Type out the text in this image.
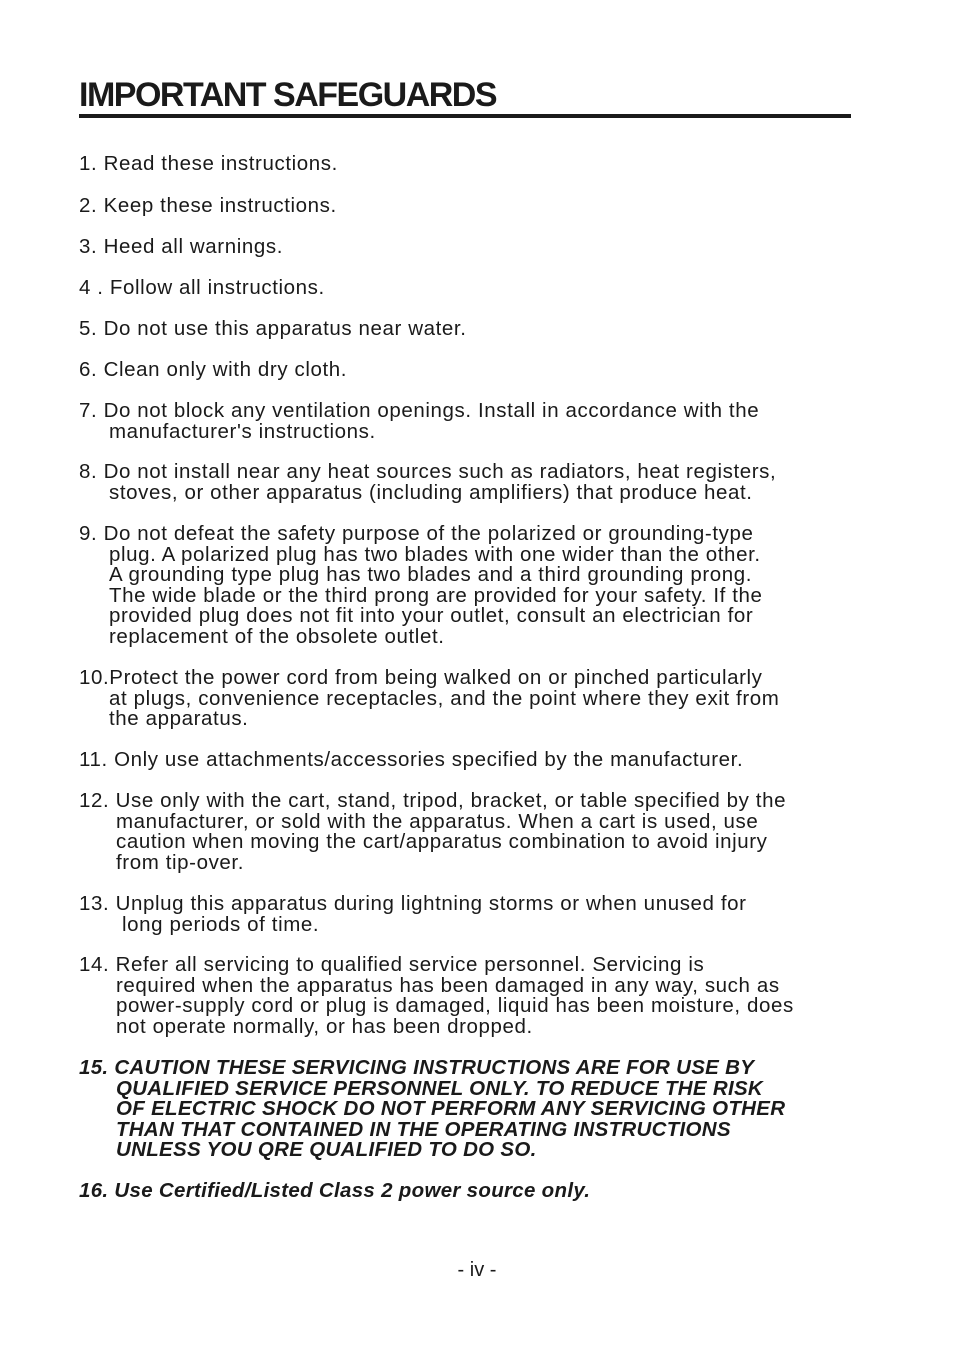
IMPORTANT SAFEGUARDS
1. Read these instructions.
2. Keep these instructions.
3. Heed all warnings.
4 . Follow all instructions.
5. Do not use this apparatus near water.
6. Clean only with dry cloth.
7. Do not block any ventilation openings. Install in accordance with the
manufacturer's instructions.
8. Do not install near any heat sources such as radiators, heat registers,
stoves, or other apparatus (including amplifiers) that produce heat.
9. Do not defeat the safety purpose of the polarized or grounding-type
plug. A polarized plug has two blades with one wider than the other.
A grounding type plug has two blades and a third grounding prong.
The wide blade or the third prong are provided for your safety. If the
provided plug does not fit into your outlet, consult an electrician for
replacement of the obsolete outlet.
10.Protect the power cord from being walked on or pinched particularly
at plugs, convenience receptacles, and the point where they exit from
the apparatus.
11. Only use attachments/accessories specified by the manufacturer.
12. Use only with the cart, stand, tripod, bracket, or table specified by the
manufacturer, or sold with the apparatus. When a cart is used, use
caution when moving the cart/apparatus combination to avoid injury
from tip-over.
13. Unplug this apparatus during lightning storms or when unused for
long periods of time.
14. Refer all servicing to qualified service personnel. Servicing is
required when the apparatus has been damaged in any way, such as
power-supply cord or plug is damaged, liquid has been moisture, does
not operate normally, or has been dropped.
15. CAUTION THESE SERVICING INSTRUCTIONS ARE FOR USE BY
QUALIFIED SERVICE PERSONNEL ONLY. TO REDUCE THE RISK
OF ELECTRIC SHOCK DO NOT PERFORM ANY SERVICING OTHER
THAN THAT CONTAINED IN THE OPERATING INSTRUCTIONS
UNLESS YOU QRE QUALIFIED TO DO SO.
16. Use Certified/Listed Class 2 power source only.
- iv -
